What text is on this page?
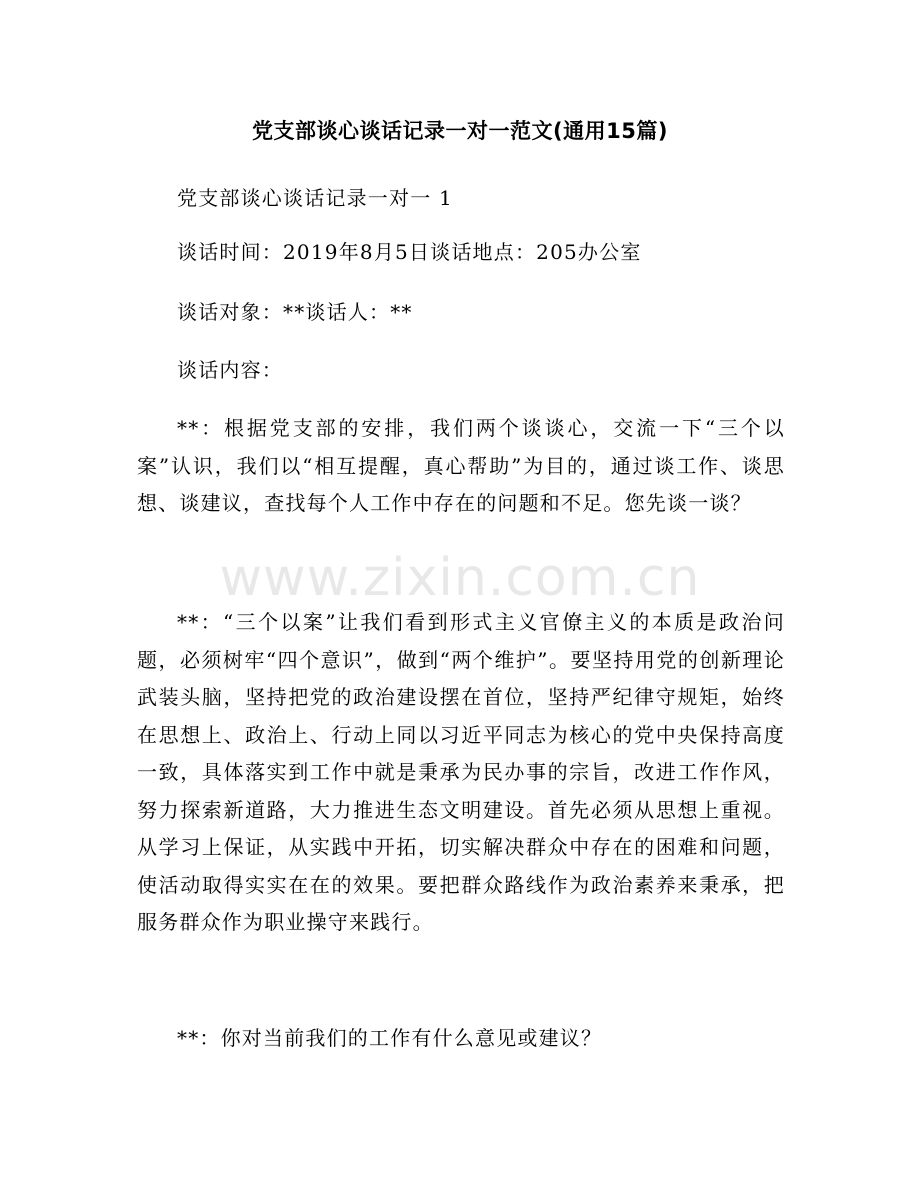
党支部谈心谈话记录一对一范文(通用15篇)

党支部谈心谈话记录一对一 1

谈话时间：2019年8月5日谈话地点：205办公室

谈话对象：**谈话人：**

谈话内容：

**：根据党支部的安排，我们两个谈谈心，交流一下“三个以案”认识，我们以“相互提醒，真心帮助”为目的，通过谈工作、谈思想、谈建议，查找每个人工作中存在的问题和不足。您先谈一谈？

**：“三个以案”让我们看到形式主义官僚主义的本质是政治问题，必须树牢“四个意识”，做到“两个维护”。要坚持用党的创新理论武装头脑，坚持把党的政治建设摆在首位，坚持严纪律守规矩，始终在思想上、政治上、行动上同以习近平同志为核心的党中央保持高度一致，具体落实到工作中就是秉承为民办事的宗旨，改进工作作风，努力探索新道路，大力推进生态文明建设。首先必须从思想上重视。从学习上保证，从实践中开拓，切实解决群众中存在的困难和问题，使活动取得实实在在的效果。要把群众路线作为政治素养来秉承，把服务群众作为职业操守来践行。

**：你对当前我们的工作有什么意见或建议？

www.zixin.com.cn
